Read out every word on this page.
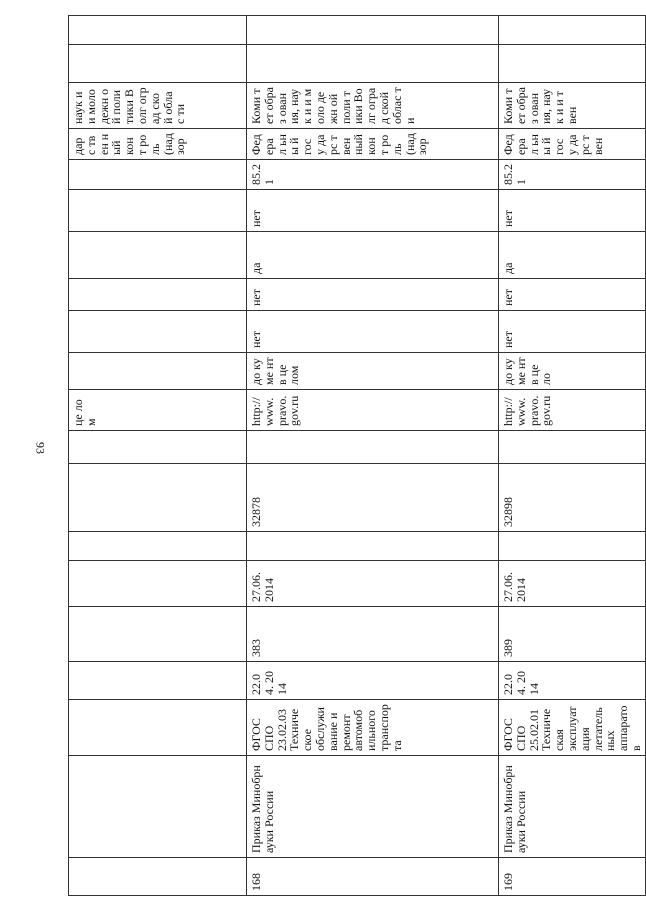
93
									це лом							дарс твен ный конт роль (над зор	наук и и моло дежн ой поли тики Волг оград ской облас ти		
168	Приказ Минобрнауки России	ФГОС СПО 23.02.03 Техническое обслуживание и ремонт автомобильного транспорта	22.04. 2014	383	27.06. 2014		32878		http:// www. pravo. gov.ru	до ку ме нт в це лом	нет	нет	да	нет	85.21	Фед ерал ьны й госу дарс твен ный конт роль (над зор	Коми тет образ ован ия, наук и и моло дежн ой поли тики Волг оград ской облас ти		
169	Приказ Минобрнауки России	ФГОС СПО 25.02.01 Техническая эксплуатация летательных аппаратов	22.04. 2014	389	27.06. 2014		32898		http:// www. pravo. gov.ru	до ку ме нт в це ло	нет	нет	да	нет	85.21	Фед ерал ьны й госу дарс твен	Коми тет образ ован ия, наук и и твен		
